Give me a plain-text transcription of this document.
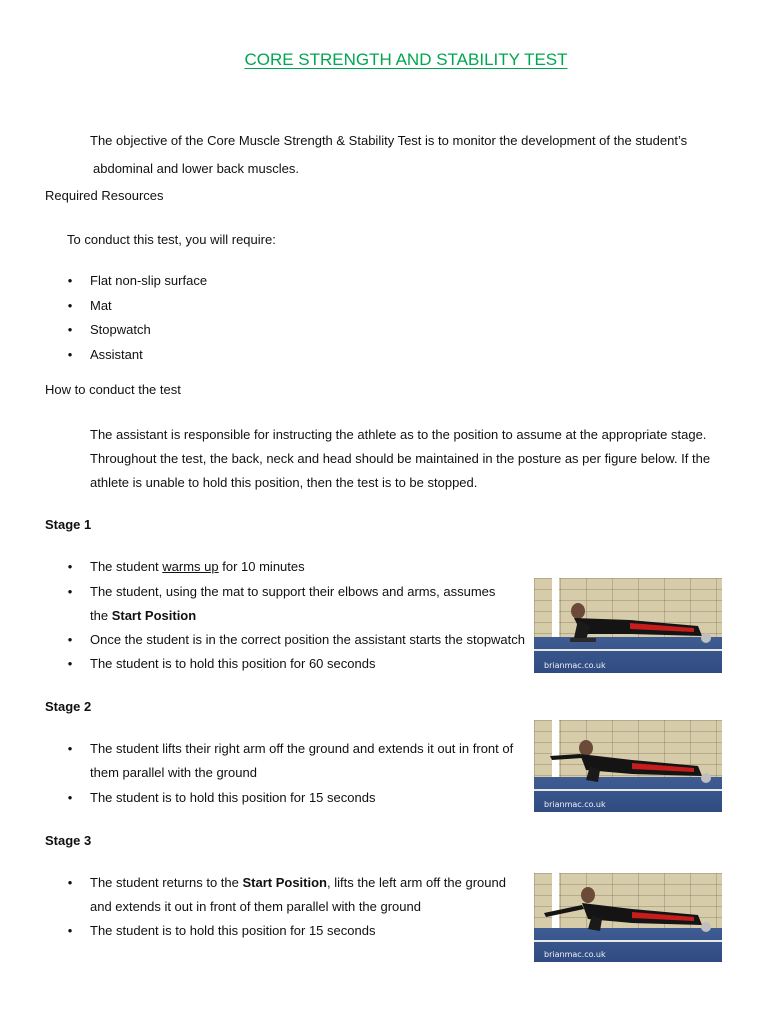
CORE STRENGTH AND STABILITY TEST
The objective of the Core Muscle Strength & Stability Test is to monitor the development of the student’s
abdominal and lower back muscles.
Required Resources
To conduct this test, you will require:
• Flat non-slip surface
• Mat
• Stopwatch
• Assistant
How to conduct the test
The assistant is responsible for instructing the athlete as to the position to assume at the appropriate stage.
Throughout the test, the back, neck and head should be maintained in the posture as per figure below. If the
athlete is unable to hold this position, then the test is to be stopped.
Stage 1
• The student warms up for 10 minutes
• The student, using the mat to support their elbows and arms, assumes
the Start Position
• Once the student is in the correct position the assistant starts the stopwatch
• The student is to hold this position for 60 seconds	brianmac.co.uk
Stage 2
• The student lifts their right arm off the ground and extends it out in front of
them parallel with the ground
• The student is to hold this position for 15 seconds	brianmac.co.uk
Stage 3
• The student returns to the Start Position, lifts the left arm off the ground
and extends it out in front of them parallel with the ground
• The student is to hold this position for 15 seconds
brianmac.co.uk
